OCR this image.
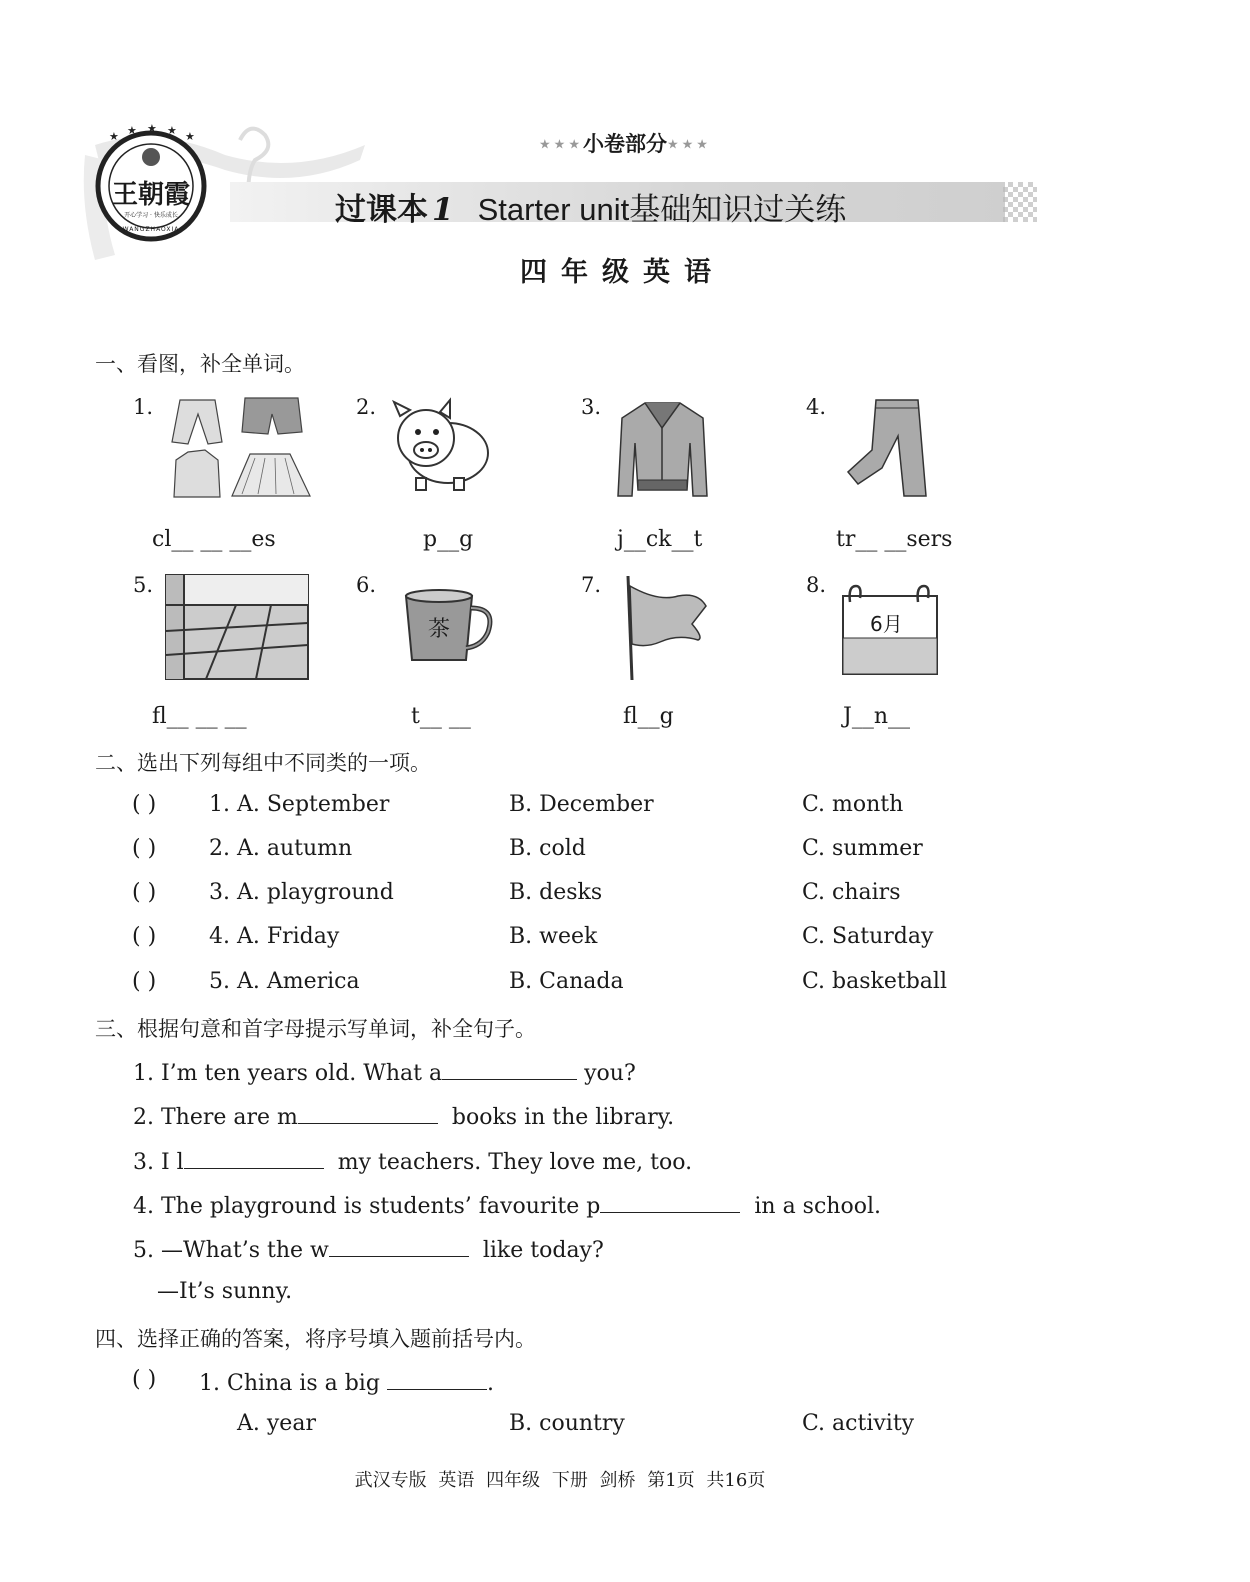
★ ★ ★ ★ ★
王朝霞
开心学习 · 快乐成长
WANGZHAOXIA
★★★小卷部分★★★
过课本 1 Starter unit基础知识过关练
四年级英语
一、看图，补全单词。
1.
cl__ __ __es
2.
p__g
3.
j__ck__t
4.
tr__ __sers
5.
fl__ __ __
6.
茶
t__ __
7.
fl__g
8.
6月
J__n__
二、选出下列每组中不同类的一项。
( ) 1. A. September	B. December	C. month
( ) 2. A. autumn	B. cold	C. summer
( ) 3. A. playground	B. desks	C. chairs
( ) 4. A. Friday	B. week	C. Saturday
( ) 5. A. America	B. Canada	C. basketball
三、根据句意和首字母提示写单词，补全句子。
1. I’m ten years old. What a	you?
2. There are m	books in the library.
3. I l	my teachers. They love me, too.
4. The playground is students’ favourite p	in a school.
5. —What’s the w	like today?
—It’s sunny.
四、选择正确的答案，将序号填入题前括号内。
( ) 1. China is a big	.
A. year	B. country	C. activity
武汉专版 英语 四年级 下册 剑桥 第1页 共16页
